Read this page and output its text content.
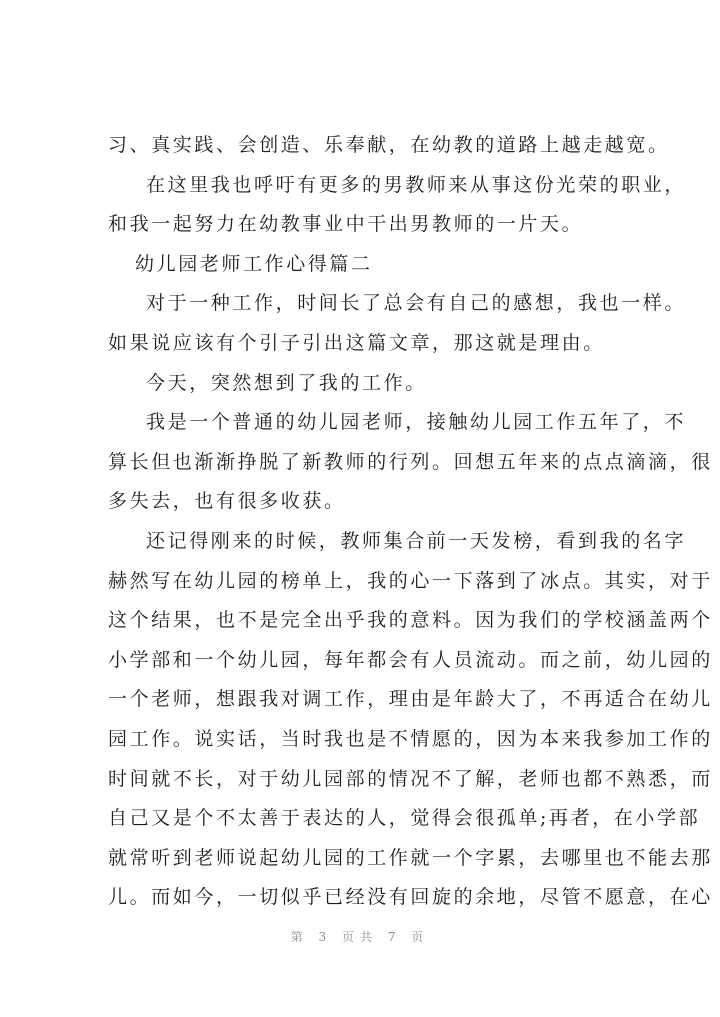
习、真实践、会创造、乐奉献，在幼教的道路上越走越宽。
在这里我也呼吁有更多的男教师来从事这份光荣的职业，
和我一起努力在幼教事业中干出男教师的一片天。
幼儿园老师工作心得篇二
对于一种工作，时间长了总会有自己的感想，我也一样。
如果说应该有个引子引出这篇文章，那这就是理由。
今天，突然想到了我的工作。
我是一个普通的幼儿园老师，接触幼儿园工作五年了，不
算长但也渐渐挣脱了新教师的行列。回想五年来的点点滴滴，很
多失去，也有很多收获。
还记得刚来的时候，教师集合前一天发榜，看到我的名字
赫然写在幼儿园的榜单上，我的心一下落到了冰点。其实，对于
这个结果，也不是完全出乎我的意料。因为我们的学校涵盖两个
小学部和一个幼儿园，每年都会有人员流动。而之前，幼儿园的
一个老师，想跟我对调工作，理由是年龄大了，不再适合在幼儿
园工作。说实话，当时我也是不情愿的，因为本来我参加工作的
时间就不长，对于幼儿园部的情况不了解，老师也都不熟悉，而
自己又是个不太善于表达的人，觉得会很孤单;再者，在小学部
就常听到老师说起幼儿园的工作就一个字累，去哪里也不能去那
儿。而如今，一切似乎已经没有回旋的余地，尽管不愿意，在心
第 3 页共 7 页
